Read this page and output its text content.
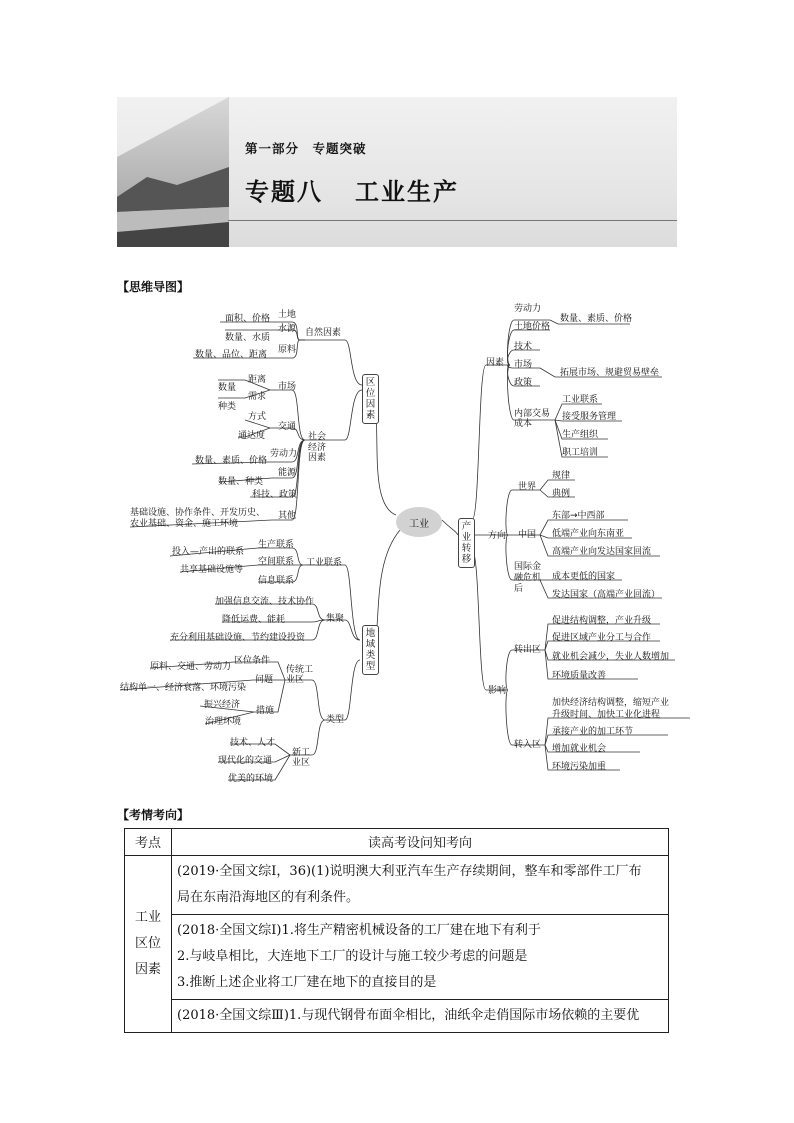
第一部分　专题突破
专题八 工业生产
【思维导图】
工业
区位因素
地域类型
产业转移
自然因素
土地
面积、价格
水源
数量、水质
原料
数量、品位、距离
社会经济因素
市场
距离
需求
数量
种类
交通
方式
通达度
劳动力
数量、素质、价格
能源
数量、种类
科技、政策
其他
基础设施、协作条件、开发历史、
农业基础、资金、施工环境
工业联系
生产联系
投入—产出的联系
空间联系
共享基础设施等
信息联系
集聚
加强信息交流、技术协作
降低运费、能耗
充分利用基础设施、节约建设投资
类型
传统工业区
区位条件
原料、交通、劳动力
问题
结构单一、经济衰落、环境污染
措施
振兴经济
治理环境
新工业区
技术、人才
现代化的交通
优美的环境
因素
劳动力
数量、素质、价格
土地价格
技术
市场
拓展市场、规避贸易壁垒
政策
内部交易成本
工业联系
接受服务管理
生产组织
职工培训
方向
世界
规律
典例
中国
东部→中西部
低端产业向东南亚
高端产业向发达国家回流
国际金融危机后
成本更低的国家
发达国家（高端产业回流）
影响
转出区
促进结构调整，产业升级
促进区域产业分工与合作
就业机会减少，失业人数增加
环境质量改善
转入区
加快经济结构调整，缩短产业
升级时间、加快工业化进程
承接产业的加工环节
增加就业机会
环境污染加重
【考情考向】
考点	读高考设问知考向
工业区位因素	(2019·全国文综Ⅰ，36)(1)说明澳大利亚汽车生产存续期间，整车和零部件工厂布

局在东南沿海地区的有利条件。

	(2018·全国文综Ⅰ)1.将生产精密机械设备的工厂建在地下有利于

2.与岐阜相比，大连地下工厂的设计与施工较少考虑的问题是

3.推断上述企业将工厂建在地下的直接目的是

	(2018·全国文综Ⅲ)1.与现代钢骨布面伞相比，油纸伞走俏国际市场依赖的主要优
